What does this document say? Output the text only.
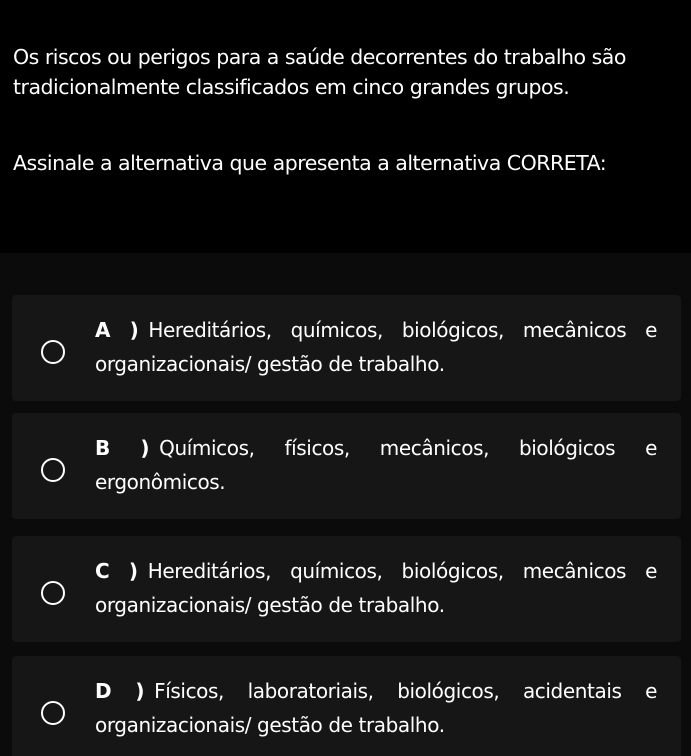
Os riscos ou perigos para a saúde decorrentes do trabalho são tradicionalmente classificados em cinco grandes grupos.
Assinale a alternativa que apresenta a alternativa CORRETA:
A ) Hereditários, químicos, biológicos, mecânicos e organizacionais/ gestão de trabalho.
B ) Químicos, físicos, mecânicos, biológicos e ergonômicos.
C ) Hereditários, químicos, biológicos, mecânicos e organizacionais/ gestão de trabalho.
D ) Físicos, laboratoriais, biológicos, acidentais e organizacionais/ gestão de trabalho.
